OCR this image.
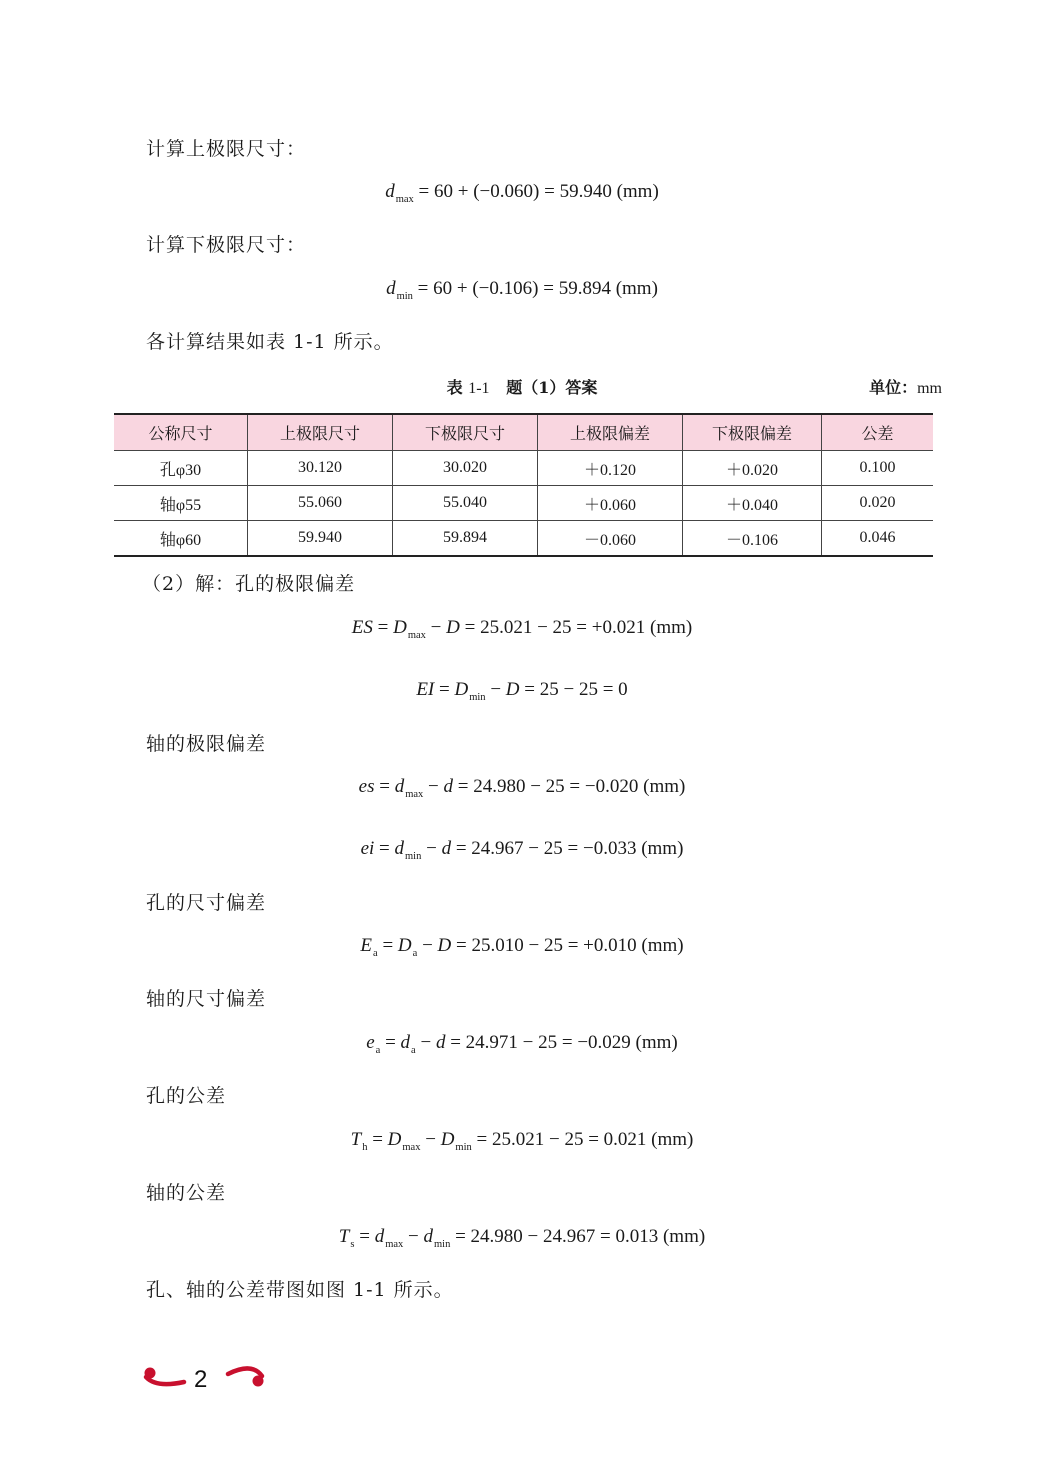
计算上极限尺寸：
$d_{max} = 60 + (-0.060) = 59.940$ (mm)
计算下极限尺寸：
$d_{min} = 60 + (-0.106) = 59.894$ (mm)
各计算结果如表 1-1 所示。
表 1-1 题（1）答案	单位：mm
公称尺寸	上极限尺寸	下极限尺寸	上极限偏差	下极限偏差	公差
孔φ30	30.120	30.020	＋0.120	＋0.020	0.100
轴φ55	55.060	55.040	＋0.060	＋0.040	0.020
轴φ60	59.940	59.894	－0.060	－0.106	0.046
（2）解：孔的极限偏差
ES = $D_{max} - D = 25.021 - 25 = +0.021$ (mm)
EI = $D_{min} - D = 25 - 25 = 0$
轴的极限偏差
es = $d_{max} - d = 24.980 - 25 = -0.020$ (mm)
ei = $d_{min} - d = 24.967 - 25 = -0.033$ (mm)
孔的尺寸偏差
$E_a = D_a - D = 25.010 - 25 = +0.010$ (mm)
轴的尺寸偏差
$e_a = d_a - d = 24.971 - 25 = -0.029$ (mm)
孔的公差
$T_h = D_{max} - D_{min} = 25.021 - 25 = 0.021$ (mm)
轴的公差
$T_s = d_{max} - d_{min} = 24.980 - 24.967 = 0.013$ (mm)
孔、轴的公差带图如图 1-1 所示。
2
